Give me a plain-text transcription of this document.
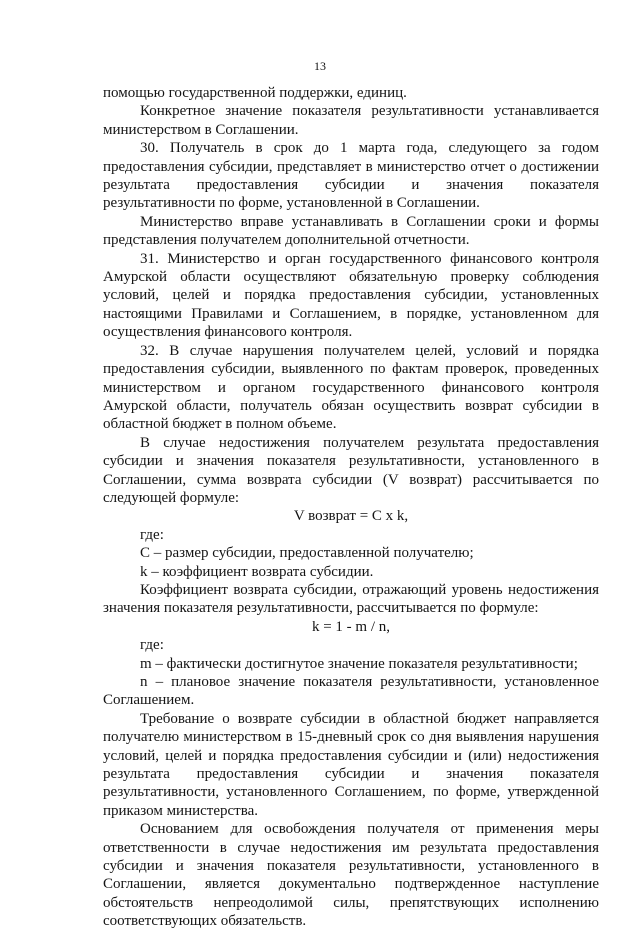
13

помощью государственной поддержки, единиц.

Конкретное значение показателя результативности устанавливается министерством в Соглашении.

30. Получатель в срок до 1 марта года, следующего за годом предоставления субсидии, представляет в министерство отчет о достижении результата предоставления субсидии и значения показателя результативности по форме, установленной в Соглашении.

Министерство вправе устанавливать в Соглашении сроки и формы представления получателем дополнительной отчетности.

31. Министерство и орган государственного финансового контроля Амурской области осуществляют обязательную проверку соблюдения условий, целей и порядка предоставления субсидии, установленных настоящими Правилами и Соглашением, в порядке, установленном для осуществления финансового контроля.

32. В случае нарушения получателем целей, условий и порядка предоставления субсидии, выявленного по фактам проверок, проведенных министерством и органом государственного финансового контроля Амурской области, получатель обязан осуществить возврат субсидии в областной бюджет в полном объеме.

В случае недостижения получателем результата предоставления субсидии и значения показателя результативности, установленного в Соглашении, сумма возврата субсидии (V возврат) рассчитывается по следующей формуле:

V возврат = С x k,

где:

С – размер субсидии, предоставленной получателю;

k – коэффициент возврата субсидии.

Коэффициент возврата субсидии, отражающий уровень недостижения значения показателя результативности, рассчитывается по формуле:

k = 1 - m / n,

где:

m – фактически достигнутое значение показателя результативности;

n – плановое значение показателя результативности, установленное Соглашением.

Требование о возврате субсидии в областной бюджет направляется получателю министерством в 15-дневный срок со дня выявления нарушения условий, целей и порядка предоставления субсидии и (или) недостижения результата предоставления субсидии и значения показателя результативности, установленного Соглашением, по форме, утвержденной приказом министерства.

Основанием для освобождения получателя от применения меры ответственности в случае недостижения им результата предоставления субсидии и значения показателя результативности, установленного в Соглашении, является документально подтвержденное наступление обстоятельств непреодолимой силы, препятствующих исполнению соответствующих обязательств.
